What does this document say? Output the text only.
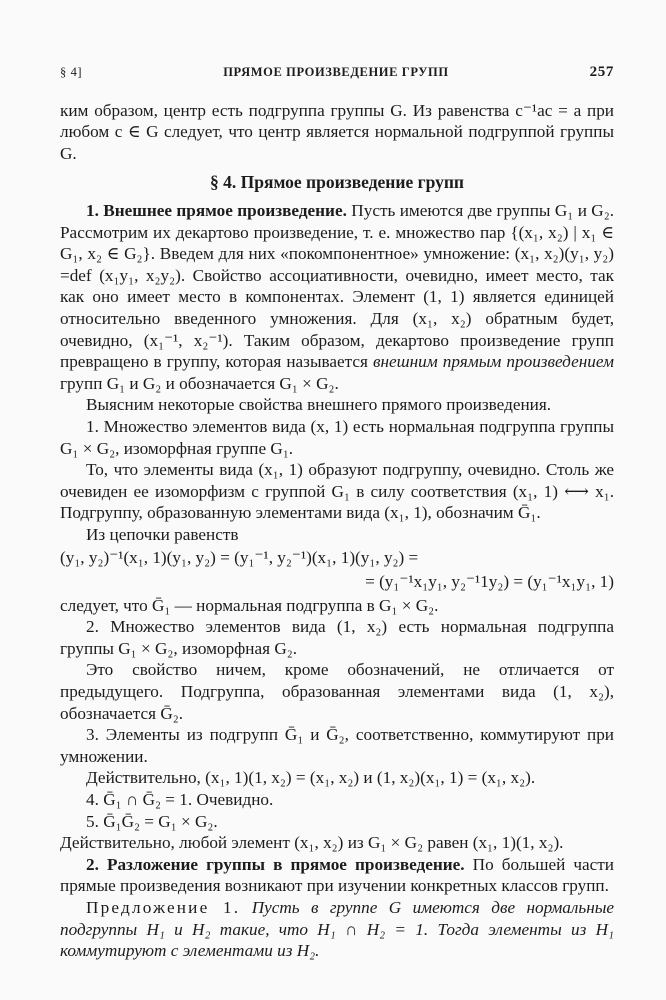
§ 4]	ПРЯМОЕ ПРОИЗВЕДЕНИЕ ГРУПП	257

ким образом, центр есть подгруппа группы G. Из равенства c⁻¹ac = a при любом c ∈ G следует, что центр является нормальной подгруппой группы G.

§ 4. Прямое произведение групп

1. Внешнее прямое произведение. Пусть имеются две группы G₁ и G₂. Рассмотрим их декартово произведение, т. е. множество пар {(x₁, x₂) | x₁ ∈ G₁, x₂ ∈ G₂}. Введем для них «покомпонентное» умножение: (x₁, x₂)(y₁, y₂) =def (x₁y₁, x₂y₂). Свойство ассоциативности, очевидно, имеет место, так как оно имеет место в компонентах. Элемент (1, 1) является единицей относительно введенного умножения. Для (x₁, x₂) обратным будет, очевидно, (x₁⁻¹, x₂⁻¹). Таким образом, декартово произведение групп превращено в группу, которая называется внешним прямым произведением групп G₁ и G₂ и обозначается G₁ × G₂.

Выясним некоторые свойства внешнего прямого произведения.

1. Множество элементов вида (x, 1) есть нормальная подгруппа группы G₁ × G₂, изоморфная группе G₁.

То, что элементы вида (x₁, 1) образуют подгруппу, очевидно. Столь же очевиден ее изоморфизм с группой G₁ в силу соответствия (x₁, 1) ⟷ x₁. Подгруппу, образованную элементами вида (x₁, 1), обозначим Ḡ₁.

Из цепочки равенств

(y₁, y₂)⁻¹(x₁, 1)(y₁, y₂) = (y₁⁻¹, y₂⁻¹)(x₁, 1)(y₁, y₂) =

= (y₁⁻¹x₁y₁, y₂⁻¹1y₂) = (y₁⁻¹x₁y₁, 1)

следует, что Ḡ₁ — нормальная подгруппа в G₁ × G₂.

2. Множество элементов вида (1, x₂) есть нормальная подгруппа группы G₁ × G₂, изоморфная G₂.

Это свойство ничем, кроме обозначений, не отличается от предыдущего. Подгруппа, образованная элементами вида (1, x₂), обозначается Ḡ₂.

3. Элементы из подгрупп Ḡ₁ и Ḡ₂, соответственно, коммутируют при умножении.

Действительно, (x₁, 1)(1, x₂) = (x₁, x₂) и (1, x₂)(x₁, 1) = (x₁, x₂).

4. Ḡ₁ ∩ Ḡ₂ = 1. Очевидно.

5. Ḡ₁Ḡ₂ = G₁ × G₂.

Действительно, любой элемент (x₁, x₂) из G₁ × G₂ равен (x₁, 1)(1, x₂).

2. Разложение группы в прямое произведение. По большей части прямые произведения возникают при изучении конкретных классов групп.

Предложение 1. Пусть в группе G имеются две нормальные подгруппы H₁ и H₂ такие, что H₁ ∩ H₂ = 1. Тогда элементы из H₁ коммутируют с элементами из H₂.
